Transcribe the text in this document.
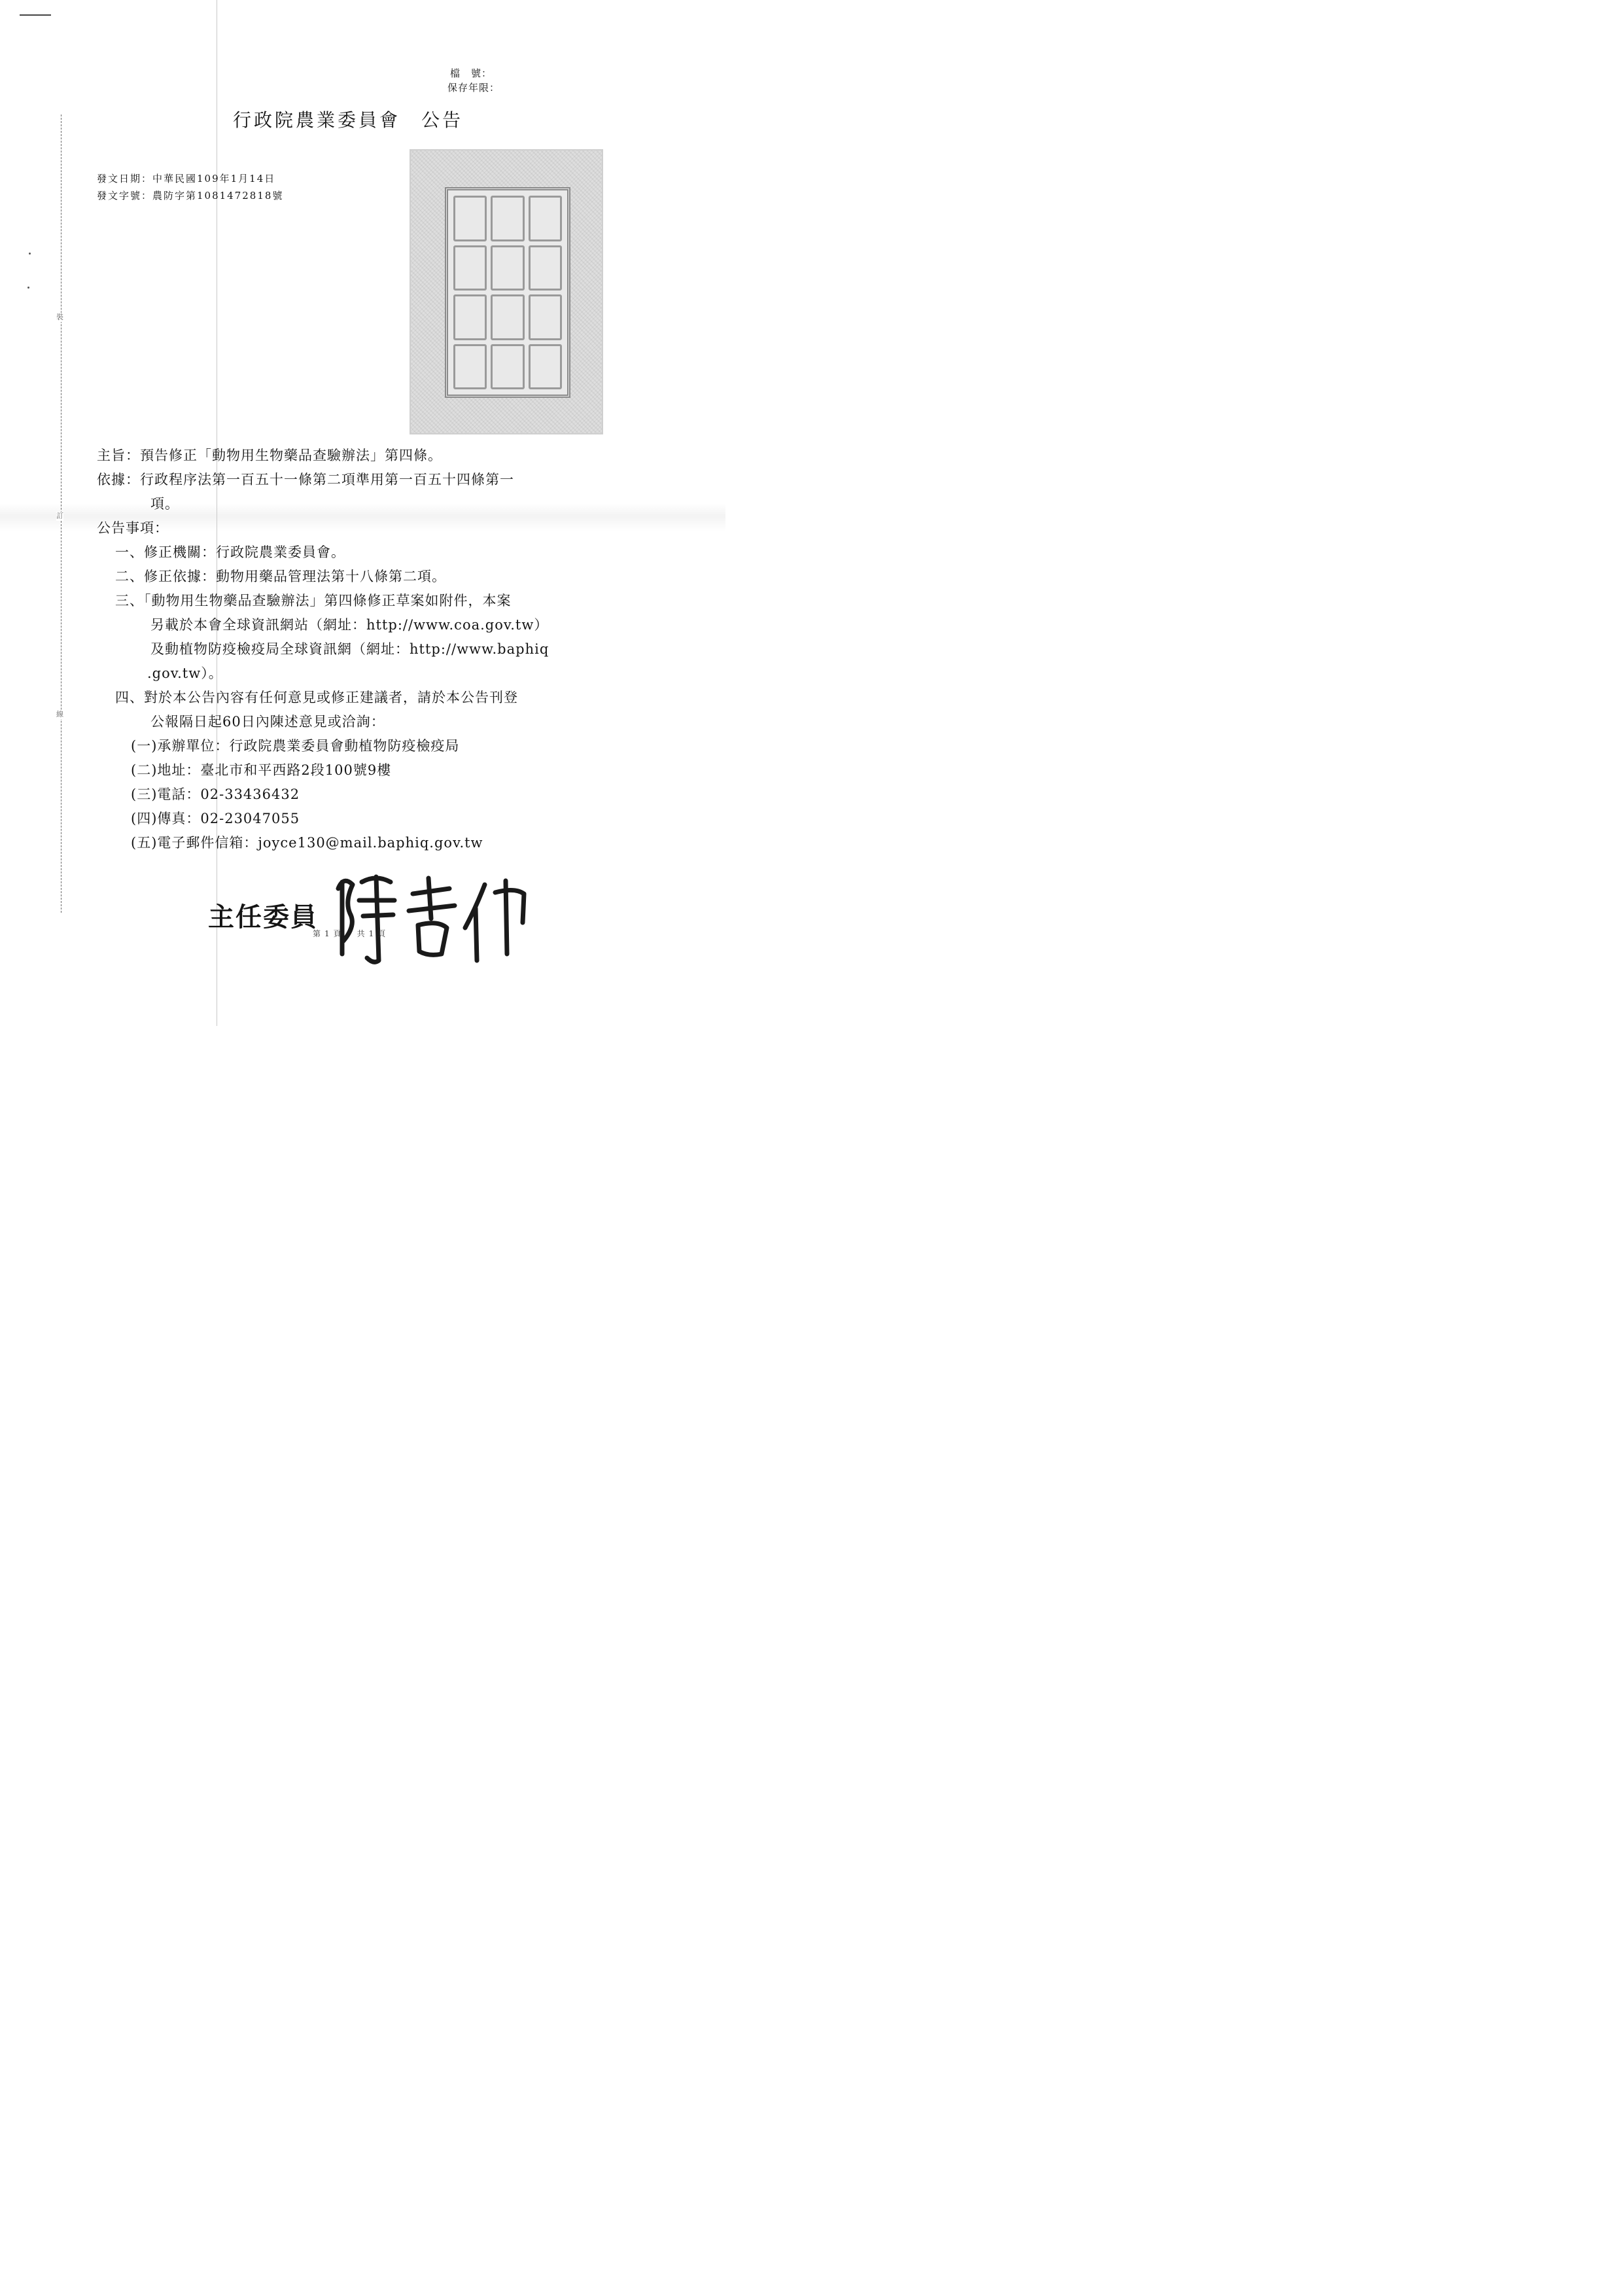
裝
訂
線
檔　號：
保存年限：
行政院農業委員會　公告
發文日期：中華民國109年1月14日
發文字號：農防字第1081472818號
主旨：預告修正「動物用生物藥品查驗辦法」第四條。
依據：行政程序法第一百五十一條第二項準用第一百五十四條第一
項。
公告事項：
一、修正機關：行政院農業委員會。
二、修正依據：動物用藥品管理法第十八條第二項。
三、「動物用生物藥品查驗辦法」第四條修正草案如附件，本案
另載於本會全球資訊網站（網址：http://www.coa.gov.tw）
及動植物防疫檢疫局全球資訊網（網址：http://www.baphiq
.gov.tw）。
四、對於本公告內容有任何意見或修正建議者，請於本公告刊登
公報隔日起60日內陳述意見或洽詢：
(一)承辦單位：行政院農業委員會動植物防疫檢疫局
(二)地址：臺北市和平西路2段100號9樓
(三)電話：02-33436432
(四)傳真：02-23047055
(五)電子郵件信箱：joyce130@mail.baphiq.gov.tw
主任委員
第1頁　共1頁
